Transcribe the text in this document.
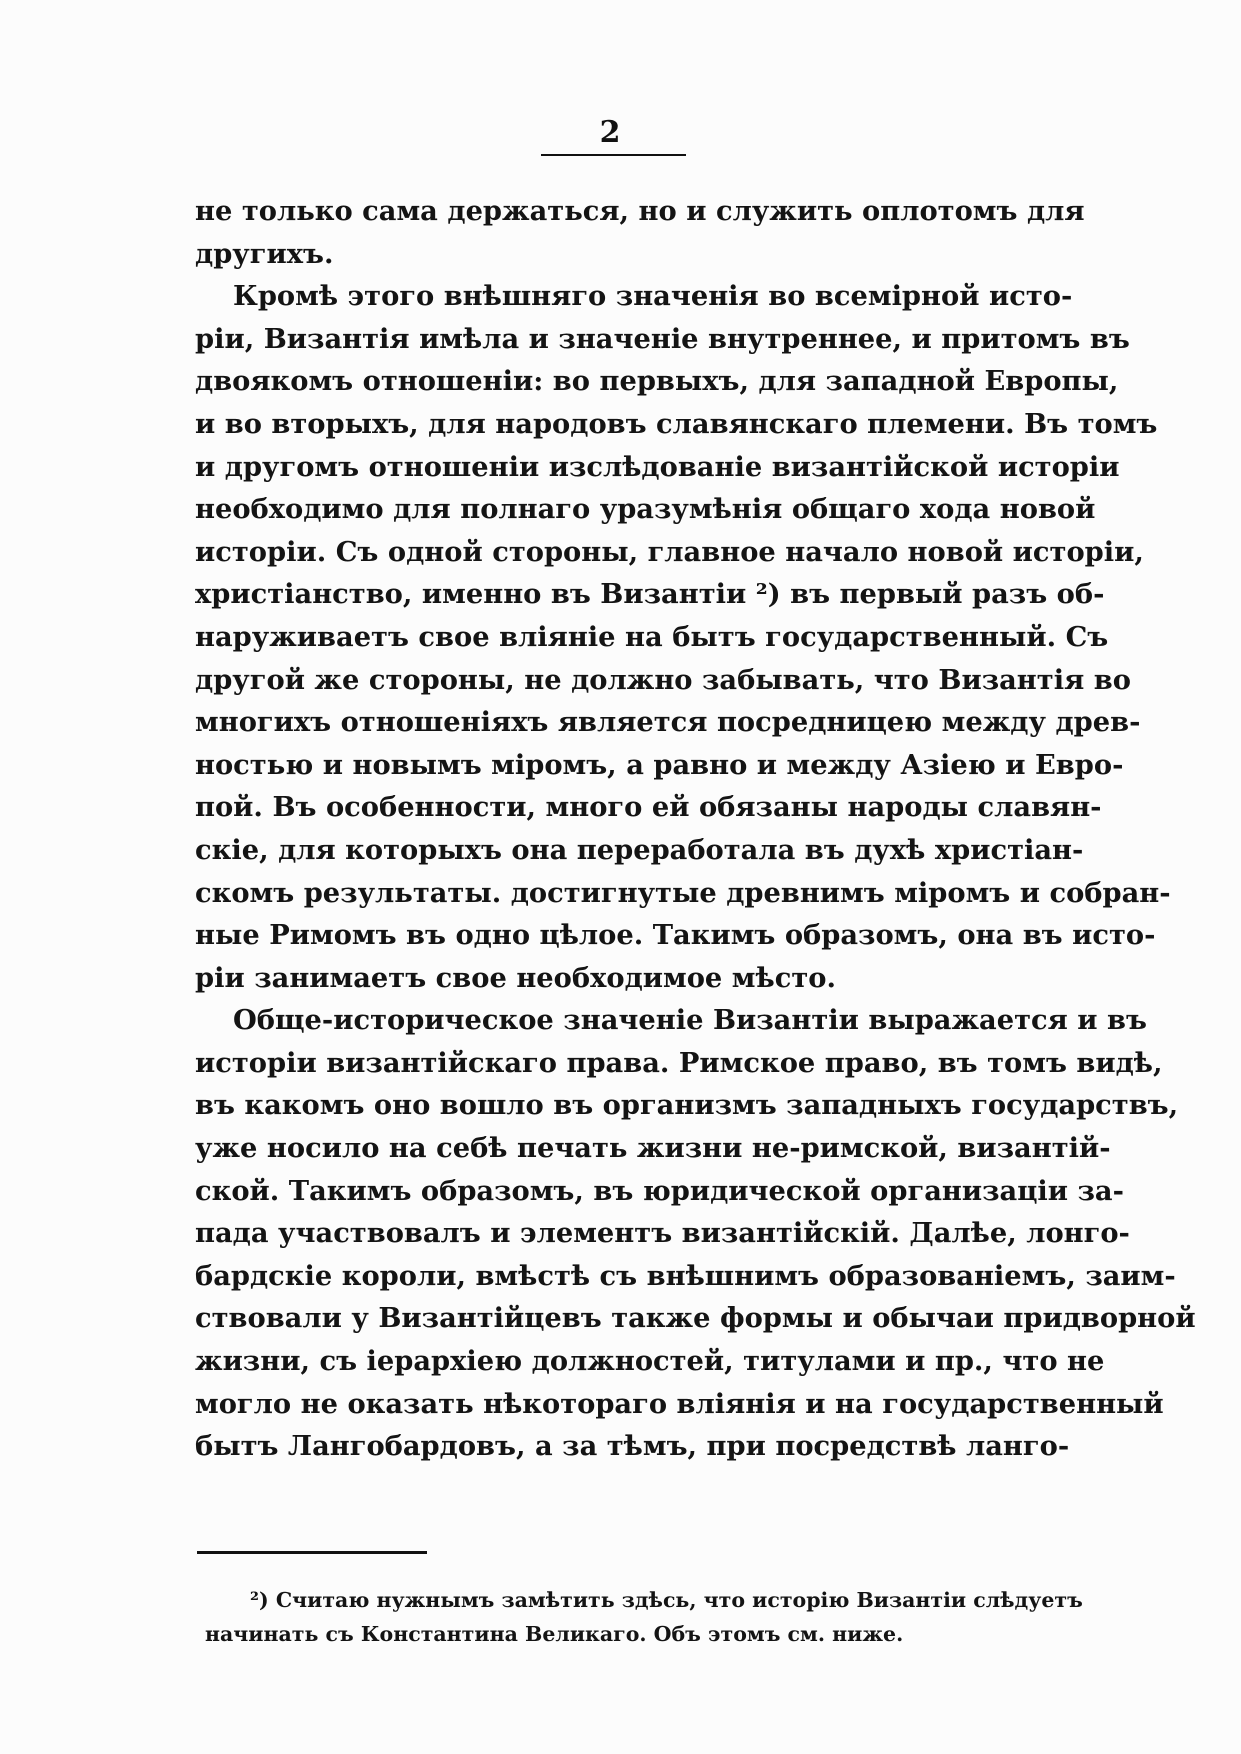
2
не только сама держаться, но и служить оплотомъ для
другихъ.
Кромѣ этого внѣшняго значенія во всемірной исто-
ріи, Византія имѣла и значеніе внутреннее, и притомъ въ
двоякомъ отношеніи: во первыхъ, для западной Европы,
и во вторыхъ, для народовъ славянскаго племени. Въ томъ
и другомъ отношеніи изслѣдованіе византійской исторіи
необходимо для полнаго уразумѣнія общаго хода новой
исторіи. Съ одной стороны, главное начало новой исторіи,
христіанство, именно въ Византіи ²) въ первый разъ об-
наруживаетъ свое вліяніе на бытъ государственный. Съ
другой же стороны, не должно забывать, что Византія во
многихъ отношеніяхъ является посредницею между древ-
ностью и новымъ міромъ, а равно и между Азіею и Евро-
пой. Въ особенности, много ей обязаны народы славян-
скіе, для которыхъ она переработала въ духѣ христіан-
скомъ результаты. достигнутые древнимъ міромъ и собран-
ные Римомъ въ одно цѣлое. Такимъ образомъ, она въ исто-
ріи занимаетъ свое необходимое мѣсто.
Обще-историческое значеніе Византіи выражается и въ
исторіи византійскаго права. Римское право, въ томъ видѣ,
въ какомъ оно вошло въ организмъ западныхъ государствъ,
уже носило на себѣ печать жизни не-римской, византій-
ской. Такимъ образомъ, въ юридической организаціи за-
пада участвовалъ и элементъ византійскій. Далѣе, лонго-
бардскіе короли, вмѣстѣ съ внѣшнимъ образованіемъ, заим-
ствовали у Византійцевъ также формы и обычаи придворной
жизни, съ іерархіею должностей, титулами и пр., что не
могло не оказать нѣкотораго вліянія и на государственный
бытъ Лангобардовъ, а за тѣмъ, при посредствѣ ланго-
²) Считаю нужнымъ замѣтить здѣсь, что исторію Византіи слѣдуетъ
начинать съ Константина Великаго. Объ этомъ см. ниже.
